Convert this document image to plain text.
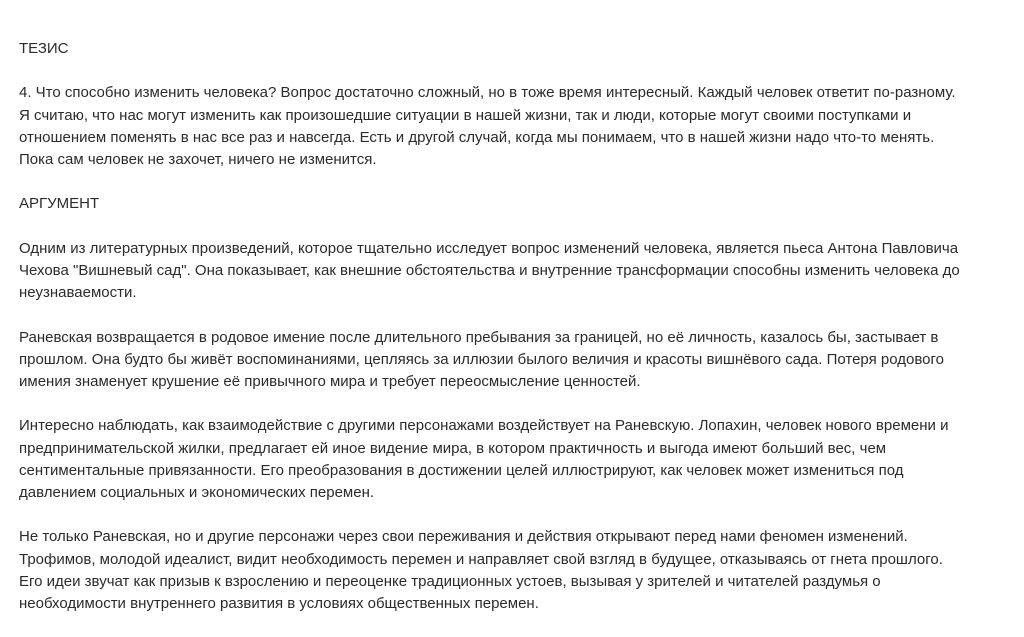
ТЕЗИС
4. Что способно изменить человека? Вопрос достаточно сложный, но в тоже время интересный. Каждый человек ответит по-разному.
Я считаю, что нас могут изменить как произошедшие ситуации в нашей жизни, так и люди, которые могут своими поступками и
отношением поменять в нас все раз и навсегда. Есть и другой случай, когда мы понимаем, что в нашей жизни надо что-то менять.
Пока сам человек не захочет, ничего не изменится.
АРГУМЕНТ
Одним из литературных произведений, которое тщательно исследует вопрос изменений человека, является пьеса Антона Павловича
Чехова "Вишневый сад". Она показывает, как внешние обстоятельства и внутренние трансформации способны изменить человека до
неузнаваемости.
Раневская возвращается в родовое имение после длительного пребывания за границей, но её личность, казалось бы, застывает в
прошлом. Она будто бы живёт воспоминаниями, цепляясь за иллюзии былого величия и красоты вишнёвого сада. Потеря родового
имения знаменует крушение её привычного мира и требует переосмысление ценностей.
Интересно наблюдать, как взаимодействие с другими персонажами воздействует на Раневскую. Лопахин, человек нового времени и
предпринимательской жилки, предлагает ей иное видение мира, в котором практичность и выгода имеют больший вес, чем
сентиментальные привязанности. Его преобразования в достижении целей иллюстрируют, как человек может измениться под
давлением социальных и экономических перемен.
Не только Раневская, но и другие персонажи через свои переживания и действия открывают перед нами феномен изменений.
Трофимов, молодой идеалист, видит необходимость перемен и направляет свой взгляд в будущее, отказываясь от гнета прошлого.
Его идеи звучат как призыв к взрослению и переоценке традиционных устоев, вызывая у зрителей и читателей раздумья о
необходимости внутреннего развития в условиях общественных перемен.
